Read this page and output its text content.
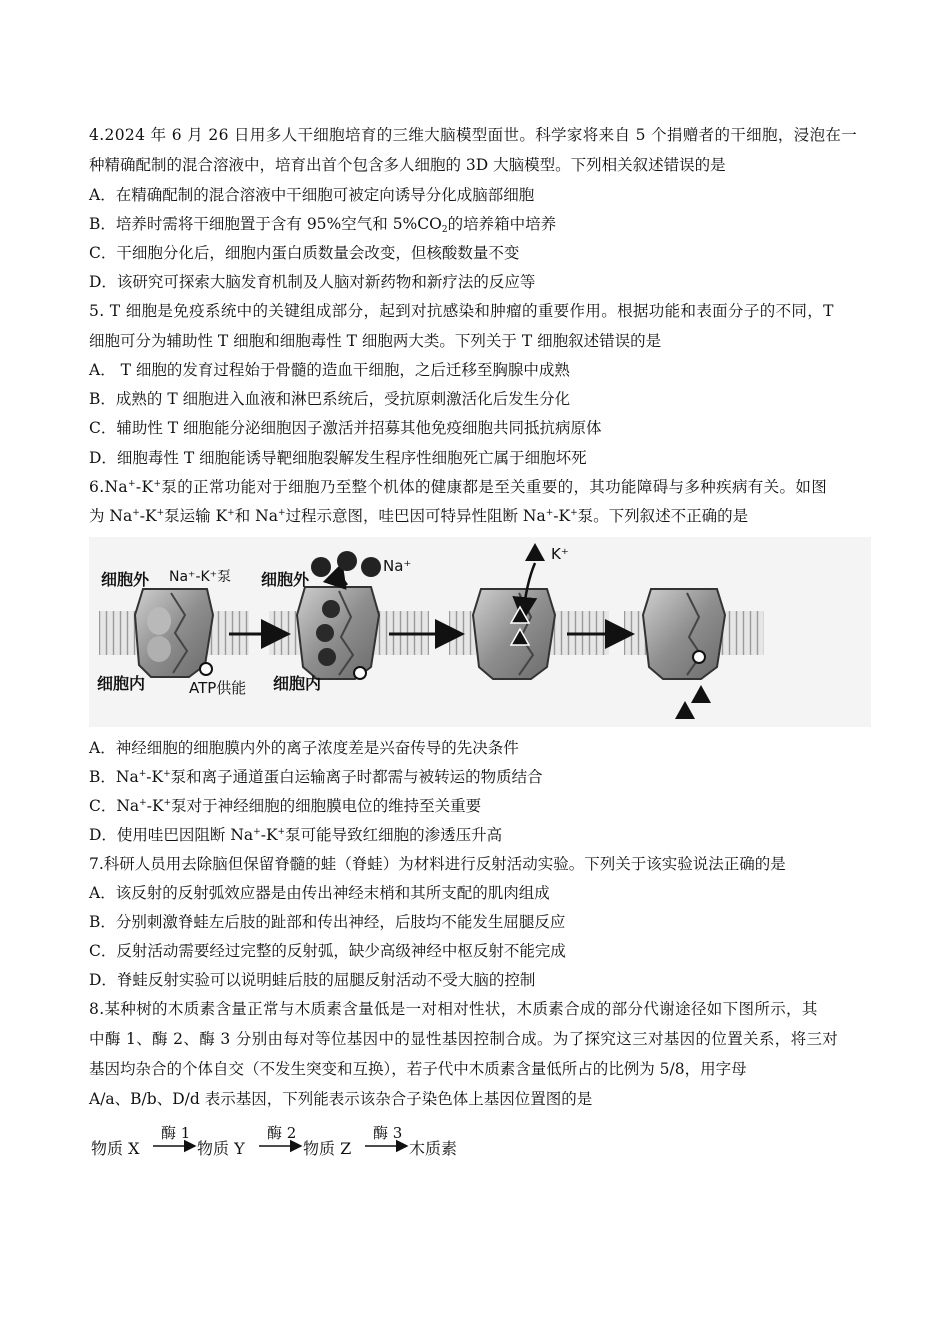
4.2024 年 6 月 26 日用多人干细胞培育的三维大脑模型面世。科学家将来自 5 个捐赠者的干细胞，浸泡在一
种精确配制的混合溶液中，培育出首个包含多人细胞的 3D 大脑模型。下列相关叙述错误的是
A．在精确配制的混合溶液中干细胞可被定向诱导分化成脑部细胞
B．培养时需将干细胞置于含有 95%空气和 $5\%CO_2$的培养箱中培养
C．干细胞分化后，细胞内蛋白质数量会改变，但核酸数量不变
D．该研究可探索大脑发育机制及人脑对新药物和新疗法的反应等
5. T 细胞是免疫系统中的关键组成部分，起到对抗感染和肿瘤的重要作用。根据功能和表面分子的不同，T
细胞可分为辅助性 T 细胞和细胞毒性 T 细胞两大类。下列关于 T 细胞叙述错误的是
A． T 细胞的发育过程始于骨髓的造血干细胞，之后迁移至胸腺中成熟
B．成熟的 T 细胞进入血液和淋巴系统后，受抗原刺激活化后发生分化
C．辅助性 T 细胞能分泌细胞因子激活并招募其他免疫细胞共同抵抗病原体
D．细胞毒性 T 细胞能诱导靶细胞裂解发生程序性细胞死亡属于细胞坏死
6.Na+-K+泵的正常功能对于细胞乃至整个机体的健康都是至关重要的，其功能障碍与多种疾病有关。如图
为 Na+-K+泵运输 K+和 Na+过程示意图，哇巴因可特异性阻断 Na+-K+泵。下列叙述不正确的是
细胞外 Na⁺-K⁺泵
细胞内	ATP供能
细胞外
细胞内
Na⁺
K⁺
A．神经细胞的细胞膜内外的离子浓度差是兴奋传导的先决条件
B．Na+-K+泵和离子通道蛋白运输离子时都需与被转运的物质结合
C．Na+-K+泵对于神经细胞的细胞膜电位的维持至关重要
D．使用哇巴因阻断 Na+-K+泵可能导致红细胞的渗透压升高
7.科研人员用去除脑但保留脊髓的蛙（脊蛙）为材料进行反射活动实验。下列关于该实验说法正确的是
A．该反射的反射弧效应器是由传出神经末梢和其所支配的肌肉组成
B．分别刺激脊蛙左后肢的趾部和传出神经，后肢均不能发生屈腿反应
C．反射活动需要经过完整的反射弧，缺少高级神经中枢反射不能完成
D．脊蛙反射实验可以说明蛙后肢的屈腿反射活动不受大脑的控制
8.某种树的木质素含量正常与木质素含量低是一对相对性状，木质素合成的部分代谢途径如下图所示，其
中酶 1、酶 2、酶 3 分别由每对等位基因中的显性基因控制合成。为了探究这三对基因的位置关系，将三对
基因均杂合的个体自交（不发生突变和互换），若子代中木质素含量低所占的比例为 5/8，用字母
A/a、B/b、D/d 表示基因，下列能表示该杂合子染色体上基因位置图的是
物质 X
酶 1
物质 Y
酶 2
物质 Z
酶 3
木质素
